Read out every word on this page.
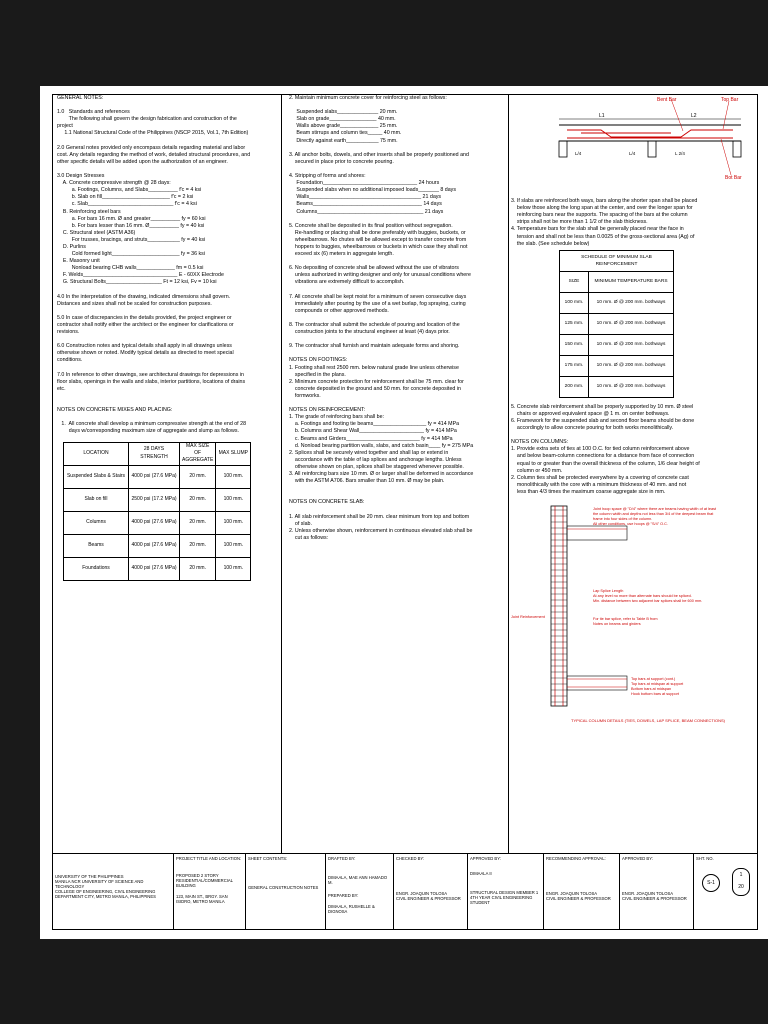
GENERAL NOTES:

1.0   Standards and references
The following shall govern the design fabrication and construction of the
project
1.1 National Structural Code of the Philippines (NSCP 2015, Vol.1, 7th Edition)

2.0 General notes provided only encompass details regarding material and labor
cost. Any details regarding the method of work, detailed structural procedures, and
other specific details will be added upon the authorization of an engineer.

3.0 Design Stresses
A. Concrete compressive strength @ 28 days:
a. Footings, Columns, and Slabs__________ f'c = 4 ksi
b. Slab on fill_______________________ f'c = 2 ksi
c. Slab_____________________________ f'c = 4 ksi
B. Reinforcing steel bars
a. For bars 16 mm. Ø and greater__________ fy = 60 ksi
b. For bars lesser than 16 mm. Ø__________ fy = 40 ksi
C. Structural steel (ASTM A36)
For trusses, bracings, and struts___________ fy = 40 ksi
D. Purlins
Cold formed light_______________________ fy = 36 ksi
E. Masonry unit
Nonload bearing CHB walls_____________ fm = 0.5 ksi
F. Welds________________________________ E - 60XX Electrode
G. Structural Bolts___________________ Ft = 12 ksi, Fv = 10 ksi

4.0 In the interpretation of the drawing, indicated dimensions shall govern.
Distances and sizes shall not be scaled for construction purposes.

5.0 In case of discrepancies in the details provided, the project engineer or
contractor shall notify either the architect or the engineer for clarifications or
revisions.

6.0 Construction notes and typical details shall apply in all drawings unless
otherwise shown or noted. Modify typical details as directed to meet special
conditions.

7.0 In reference to other drawings, see architectural drawings for depressions in
floor slabs, openings in the walls and slabs, interior partitions, locations of drains
etc.

NOTES ON CONCRETE MIXES AND PLACING:

1.  All concrete shall develop a minimum compressive strength at the end of 28
days w/corresponding maximum size of aggregate and slump as follows.
LOCATION	28 DAYS STRENGTH	MAX SIZE OF AGGREGATE	MAX SLUMP
Suspended Slabs & Stairs	4000 psi (27.6 MPa)	20 mm.	100 mm.
Slab on fill	2500 psi (17.2 MPa)	20 mm.	100 mm.
Columns	4000 psi (27.6 MPa)	20 mm.	100 mm.
Beams	4000 psi (27.6 MPa)	20 mm.	100 mm.
Foundations	4000 psi (27.6 MPa)	20 mm.	100 mm.
2. Maintain minimum concrete cover for reinforcing steel as follows:

Suspended slabs______________ 20 mm.
Slab on grade________________ 40 mm.
Walls above grade_____________ 25 mm.
Beam stirrups and column ties_____ 40 mm.
Directly against earth___________ 75 mm.

3. All anchor bolts, dowels, and other inserts shall be properly positioned and
secured in place prior to concrete pouring.

4. Stripping of forms and shores:
Foundation________________________________ 24 hours
Suspended slabs when no additional imposed loads_______ 8 days
Walls______________________________________ 21 days
Beams_____________________________________ 14 days
Columns____________________________________ 21 days

5. Concrete shall be deposited in its final position without segregation.
Re-handling or placing shall be done preferably with buggies, buckets, or
wheelbarrows. No chutes will be allowed except to transfer concrete from
hoppers to buggies, wheelbarrows or buckets in which case they shall not
exceed six (6) meters in aggregate length.

6. No depositing of concrete shall be allowed without the use of vibrators
unless authorized in writing designer and only for unusual conditions where
vibrations are extremely difficult to accomplish.

7. All concrete shall be kept moist for a minimum of seven consecutive days
immediately after pouring by the use of a wet burlap, fog spraying, curing
compounds or other approved methods.

8. The contractor shall submit the schedule of pouring and location of the
construction joints to the structural engineer at least (4) days prior.

9. The contractor shall furnish and maintain adequate forms and shoring.

NOTES ON FOOTINGS:
1. Footing shall rest 2500 mm. below natural grade line unless otherwise
specified in the plans.
2. Minimum concrete protection for reinforcement shall be 75 mm. clear for
concrete deposited in the ground and 50 mm. for concrete deposited in
formworks.

NOTES ON REINFORCEMENT:
1. The grade of reinforcing bars shall be:
a. Footings and footing tie beams__________________ fy = 414 MPa
b. Columns and Shear Wall______________________ fy = 414 MPa
c. Beams and Girders_________________________ fy = 414 MPa
d. Nonload bearing partition walls, slabs, and catch basin____ fy = 275 MPa
2. Splices shall be securely wired together and shall lap or extend in
accordance with the table of lap splices and anchorage lengths. Unless
otherwise shown on plan, splices shall be staggered whenever possible.
3. All reinforcing bars size 10 mm. Ø or larger shall be deformed in accordance
with the ASTM A706. Bars smaller than 10 mm. Ø may be plain.

NOTES ON CONCRETE SLAB:

1. All slab reinforcement shall be 20 mm. clear minimum from top and bottom
of slab.
2. Unless otherwise shown, reinforcement in continuous elevated slab shall be
cut as follows:
Bent Bar	Top Bar
Bot Bar
L1	L2
L/4	L/4	L 2/4
3. If slabs are reinforced both ways, bars along the shorter span shall be placed
below those along the long span at the center, and over the longer span for
reinforcing bars near the supports. The spacing of the bars at the column
strips shall not be more than 1 1/2 of the slab thickness.
4. Temperature bars for the slab shall be generally placed near the face in
tension and shall not be less than 0.0025 of the gross-sectional area (Ag) of
the slab. (See schedule below)
SCHEDULE OF MINIMUM SLAB REINFORCEMENT	
SIZE	MINIMUM TEMPERATURE BARS
100 mm.	10 mm. Ø @ 200 mm. bothways
125 mm.	10 mm. Ø @ 200 mm. bothways
150 mm.	10 mm. Ø @ 200 mm. bothways
175 mm.	10 mm. Ø @ 200 mm. bothways
200 mm.	10 mm. Ø @ 200 mm. bothways
5. Concrete slab reinforcement shall be properly supported by 10 mm. Ø steel
chairs or approved equivalent space @ 1 m. on center bothways.
6. Framework for the suspended slab and second floor beams should be done
accordingly to allow concrete pouring for both works monolithically.

NOTES ON COLUMNS:
1. Provide extra sets of ties at 100 O.C. for tied column reinforcement above
and below beam-column connections for a distance from face of connection
equal to or greater than the overall thickness of the column, 1/6 clear height of
column or 450 mm.
2. Column ties shall be protected everywhere by a covering of concrete cast
monolithically with the core with a minimum thickness of 40 mm. and not
less than 4/3 times the maximum coarse aggregate size in mm.
Joint hoop space @ "D/4" where there are beams having width of at least
the column width and depths not less than 3/4 of the deepest beam that
frame into four sides of the column.
All other conditions, use hoops @ "S/4" O.C.
Lap Splice Length
At any level no more than alternate bars should be spliced.
Min. distance between two adjacent bar splices shall be 600 mm.
For tie bar splice, refer to Table B from
Notes on beams and girders
Joint Reinforcement
Top bars at support (cont.)
Top bars at midspan at support
Bottom bars at midspan
Hook bottom bars at support
TYPICAL COLUMN DETAILS (TIES, DOWELS, LAP SPLICE, BEAM CONNECTIONS)
UNIVERSITY OF THE PHILIPPINES
MANILA NCR UNIVERSITY OF SCIENCE AND TECHNOLOGY
COLLEGE OF ENGINEERING, CIVIL ENGINEERING
DEPARTMENT CITY, METRO MANILA, PHILIPPINES
PROJECT TITLE AND LOCATION:
PROPOSED 2 STORY
RESIDENTIAL/COMMERCIAL BUILDING
123, MAIN ST., BRGY. SAN
ISIDRO, METRO MANILA
SHEET CONTENTS:
GENERAL CONSTRUCTION NOTES
DRAFTED BY:
DIMAALA, MAE ANN HAMADO M.
PREPARED BY:
DIMAALA, RUSHELLE & DIGNOSA
CHECKED BY:
ENGR. JOAQUIN TOLOSA
CIVIL ENGINEER & PROFESSOR
APPROVED BY:
DIMAALA II
STRUCTURAL DESIGN MEMBER 1
4TH YEAR CIVIL ENGINEERING STUDENT
RECOMMENDING APPROVAL:
ENGR. JOAQUIN TOLOSA
CIVIL ENGINEER & PROFESSOR
APPROVED BY:
ENGR. JOAQUIN TOLOSA
CIVIL ENGINEER & PROFESSOR
SHT. NO.
S-1
1
20
